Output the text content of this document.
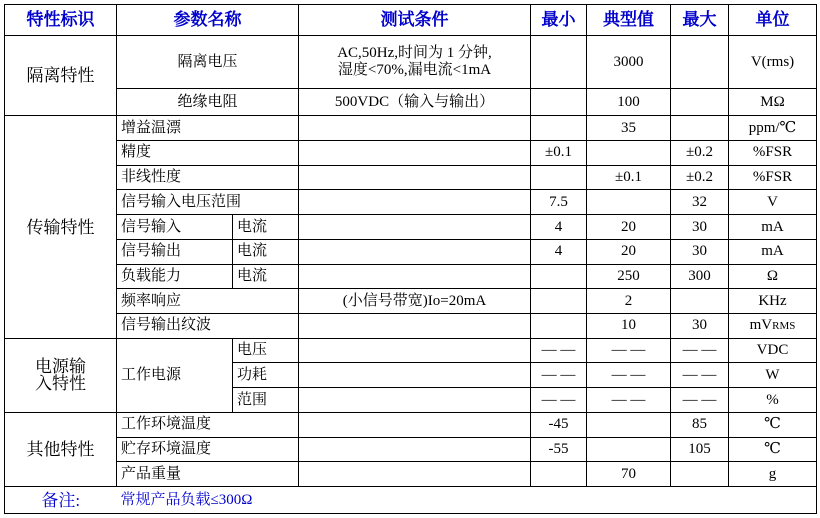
特性标识	参数名称		测试条件	最小	典型值	最大	单位
隔离特性	隔离电压		AC,50Hz,时间为 1 分钟,
湿度<70%,漏电流<1mA		3000		V(rms)
	绝缘电阻		500VDC（输入与输出）		100		MΩ
传输特性	增益温漂				35		ppm/℃
	精度			±0.1		±0.2	%FSR
	非线性度				±0.1	±0.2	%FSR
	信号输入电压范围			7.5		32	V
	信号输入	电流		4	20	30	mA
	信号输出	电流		4	20	30	mA
	负载能力	电流			250	300	Ω
	频率响应		(小信号带宽)Io=20mA		2		KHz
	信号输出纹波				10	30	mVRMS

电源输
入特性	工作电源	电压		— —	— —	— —	VDC
		功耗		— —	— —	— —	W
		范围		— —	— —	— —	%
其他特性	工作环境温度			-45		85	℃
	贮存环境温度			-55		105	℃
	产品重量				70		g
备注:	常规产品负载≤300Ω						
